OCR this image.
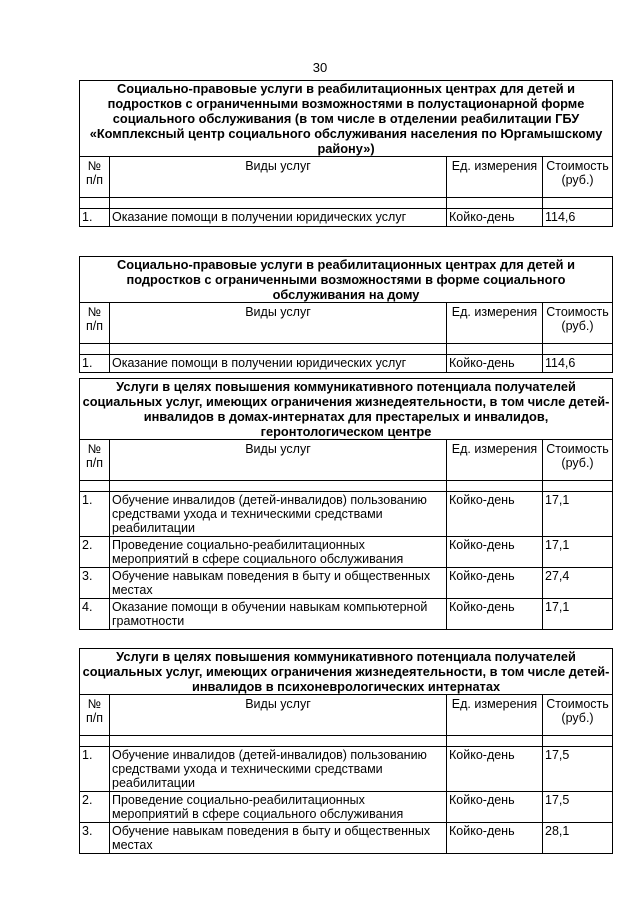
30
Социально-правовые услуги в реабилитационных центрах для детей и подростков с ограниченными возможностями в полустационарной форме социального обслуживания (в том числе в отделении реабилитации ГБУ «Комплексный центр социального обслуживания населения по Юргамышскому району»)			
№ п/п	Виды услуг	Ед. измерения	Стоимость (руб.)

1.	Оказание помощи в получении юридических услуг	Койко-день	114,6
Социально-правовые услуги в реабилитационных центрах для детей и подростков с ограниченными возможностями в форме социального обслуживания на дому			
№ п/п	Виды услуг	Ед. измерения	Стоимость (руб.)

1.	Оказание помощи в получении юридических услуг	Койко-день	114,6
Услуги в целях повышения коммуникативного потенциала получателей социальных услуг, имеющих ограничения жизнедеятельности, в том числе детей-инвалидов в домах-интернатах для престарелых и инвалидов, геронтологическом центре			
№ п/п	Виды услуг	Ед. измерения	Стоимость (руб.)

1.	Обучение инвалидов (детей-инвалидов) пользованию средствами ухода и техническими средствами реабилитации	Койко-день	17,1
2.	Проведение социально-реабилитационных мероприятий в сфере социального обслуживания	Койко-день	17,1
3.	Обучение навыкам поведения в быту и общественных местах	Койко-день	27,4
4.	Оказание помощи в обучении навыкам компьютерной грамотности	Койко-день	17,1
Услуги в целях повышения коммуникативного потенциала получателей социальных услуг, имеющих ограничения жизнедеятельности, в том числе детей-инвалидов в психоневрологических интернатах			
№ п/п	Виды услуг	Ед. измерения	Стоимость (руб.)

1.	Обучение инвалидов (детей-инвалидов) пользованию средствами ухода и техническими средствами реабилитации	Койко-день	17,5
2.	Проведение социально-реабилитационных мероприятий в сфере социального обслуживания	Койко-день	17,5
3.	Обучение навыкам поведения в быту и общественных местах	Койко-день	28,1
